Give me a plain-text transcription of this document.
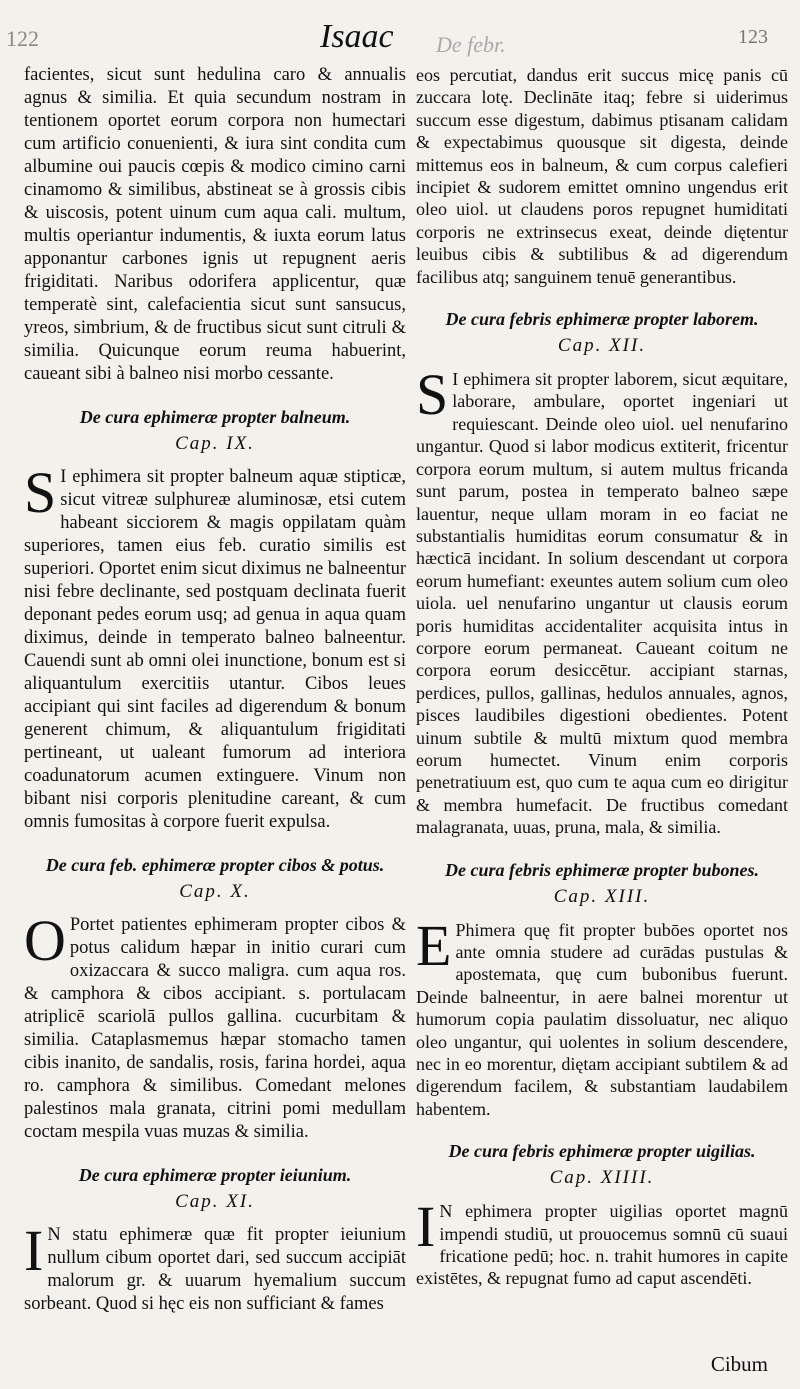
122	Isaac De febr.	123

facientes, sicut sunt hedulina caro & annualis agnus & similia. Et quia secundum nostram in tentionem oportet eorum corpora non humectari cum artificio conuenienti, & iura sint condita cum albumine oui paucis cœpis & modico cimino carni cinamomo & similibus, abstineat se à grossis cibis & uiscosis, potent uinum cum aqua cali. multum, multis operiantur indumentis, & iuxta eorum latus apponantur carbones ignis ut repugnent aeris frigiditati. Naribus odorifera applicentur, quæ temperatè sint, calefacientia sicut sunt sansucus, yreos, simbrium, & de fructibus sicut sunt citruli & similia. Quicunque eorum reuma habuerint, caueant sibi à balneo nisi morbo cessante.

De cura ephimeræ propter balneum.
Cap. IX.

S I ephimera sit propter balneum aquæ stipticæ, sicut vitreæ sulphureæ aluminosæ, etsi cutem habeant sicciorem & magis oppilatam quàm superiores, tamen eius feb. curatio similis est superiori. Oportet enim sicut diximus ne balneentur nisi febre declinante, sed postquam declinata fuerit deponant pedes eorum usq; ad genua in aqua quam diximus, deinde in temperato balneo balneentur. Cauendi sunt ab omni olei inunctione, bonum est si aliquantulum exercitiis utantur. Cibos leues accipiant qui sint faciles ad digerendum & bonum generent chimum, & aliquantulum frigiditati pertineant, ut ualeant fumorum ad interiora coadunatorum acumen extinguere. Vinum non bibant nisi corporis plenitudine careant, & cum omnis fumositas à corpore fuerit expulsa.

De cura feb. ephimeræ propter cibos & potus.
Cap. X.

O Portet patientes ephimeram propter cibos & potus calidum hæpar in initio curari cum oxizaccara & succo maligra. cum aqua ros. & camphora & cibos accipiant. s. portulacam atriplicē scariolā pullos gallina. cucurbitam & similia. Cataplasmemus hæpar stomacho tamen cibis inanito, de sandalis, rosis, farina hordei, aqua ro. camphora & similibus. Comedant melones palestinos mala granata, citrini pomi medullam coctam mespila vuas muzas & similia.

De cura ephimeræ propter ieiunium.
Cap. XI.

I N statu ephimeræ quæ fit propter ieiunium nullum cibum oportet dari, sed succum accipiāt malorum gr. & uuarum hyemalium succum sorbeant. Quod si hęc eis non sufficiant & fames

eos percutiat, dandus erit succus micę panis cū zuccara lotę. Declināte itaq; febre si uiderimus succum esse digestum, dabimus ptisanam calidam & expectabimus quousque sit digesta, deinde mittemus eos in balneum, & cum corpus calefieri incipiet & sudorem emittet omnino ungendus erit oleo uiol. ut claudens poros repugnet humiditati corporis ne extrinsecus exeat, deinde diętentur leuibus cibis & subtilibus & ad digerendum facilibus atq; sanguinem tenuē generantibus.

De cura febris ephimeræ propter laborem.
Cap. XII.

S I ephimera sit propter laborem, sicut æquitare, laborare, ambulare, oportet ingeniari ut requiescant. Deinde oleo uiol. uel nenufarino ungantur. Quod si labor modicus extiterit, fricentur corpora eorum multum, si autem multus fricanda sunt parum, postea in temperato balneo sæpe lauentur, neque ullam moram in eo faciat ne substantialis humiditas eorum consumatur & in hæcticā incidant. In solium descendant ut corpora eorum humefiant: exeuntes autem solium cum oleo uiola. uel nenufarino ungantur ut clausis eorum poris humiditas accidentaliter acquisita intus in corpore eorum permaneat. Caueant coitum ne corpora eorum desiccētur. accipiant starnas, perdices, pullos, gallinas, hedulos annuales, agnos, pisces laudibiles digestioni obedientes. Potent uinum subtile & multū mixtum quod membra eorum humectet. Vinum enim corporis penetratiuum est, quo cum te aqua cum eo dirigitur & membra humefacit. De fructibus comedant malagranata, uuas, pruna, mala, & similia.

De cura febris ephimeræ propter bubones.
Cap. XIII.

E Phimera quę fit propter bubōes oportet nos ante omnia studere ad curādas pustulas & apostemata, quę cum bubonibus fuerunt. Deinde balneentur, in aere balnei morentur ut humorum copia paulatim dissoluatur, nec aliquo oleo ungantur, qui uolentes in solium descendere, nec in eo morentur, diętam accipiant subtilem & ad digerendum facilem, & substantiam laudabilem habentem.

De cura febris ephimeræ propter uigilias.
Cap. XIIII.

I N ephimera propter uigilias oportet magnū impendi studiū, ut prouocemus somnū cū suaui fricatione pedū; hoc. n. trahit humores in capite existētes, & repugnat fumo ad caput ascendēti.

Cibum
